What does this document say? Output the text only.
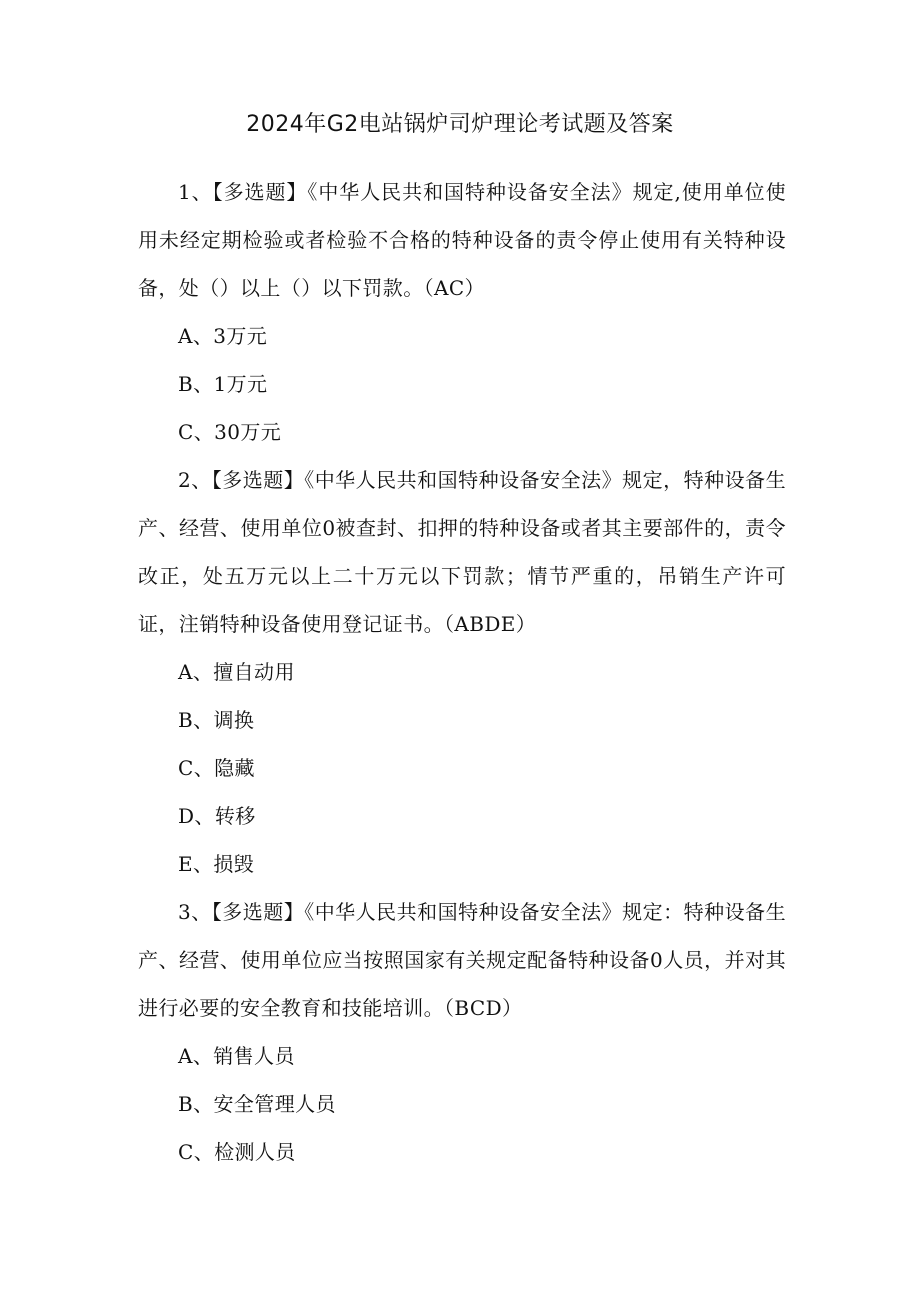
2024年G2电站锅炉司炉理论考试题及答案

1、【多选题】《中华人民共和国特种设备安全法》规定,使用单位使用未经定期检验或者检验不合格的特种设备的责令停止使用有关特种设备，处（）以上（）以下罚款。（AC）

A、3万元

B、1万元

C、30万元

2、【多选题】《中华人民共和国特种设备安全法》规定，特种设备生产、经营、使用单位0被查封、扣押的特种设备或者其主要部件的，责令改正，处五万元以上二十万元以下罚款；情节严重的，吊销生产许可证，注销特种设备使用登记证书。（ABDE）

A、擅自动用

B、调换

C、隐藏

D、转移

E、损毁

3、【多选题】《中华人民共和国特种设备安全法》规定：特种设备生产、经营、使用单位应当按照国家有关规定配备特种设备0人员，并对其进行必要的安全教育和技能培训。（BCD）

A、销售人员

B、安全管理人员

C、检测人员
